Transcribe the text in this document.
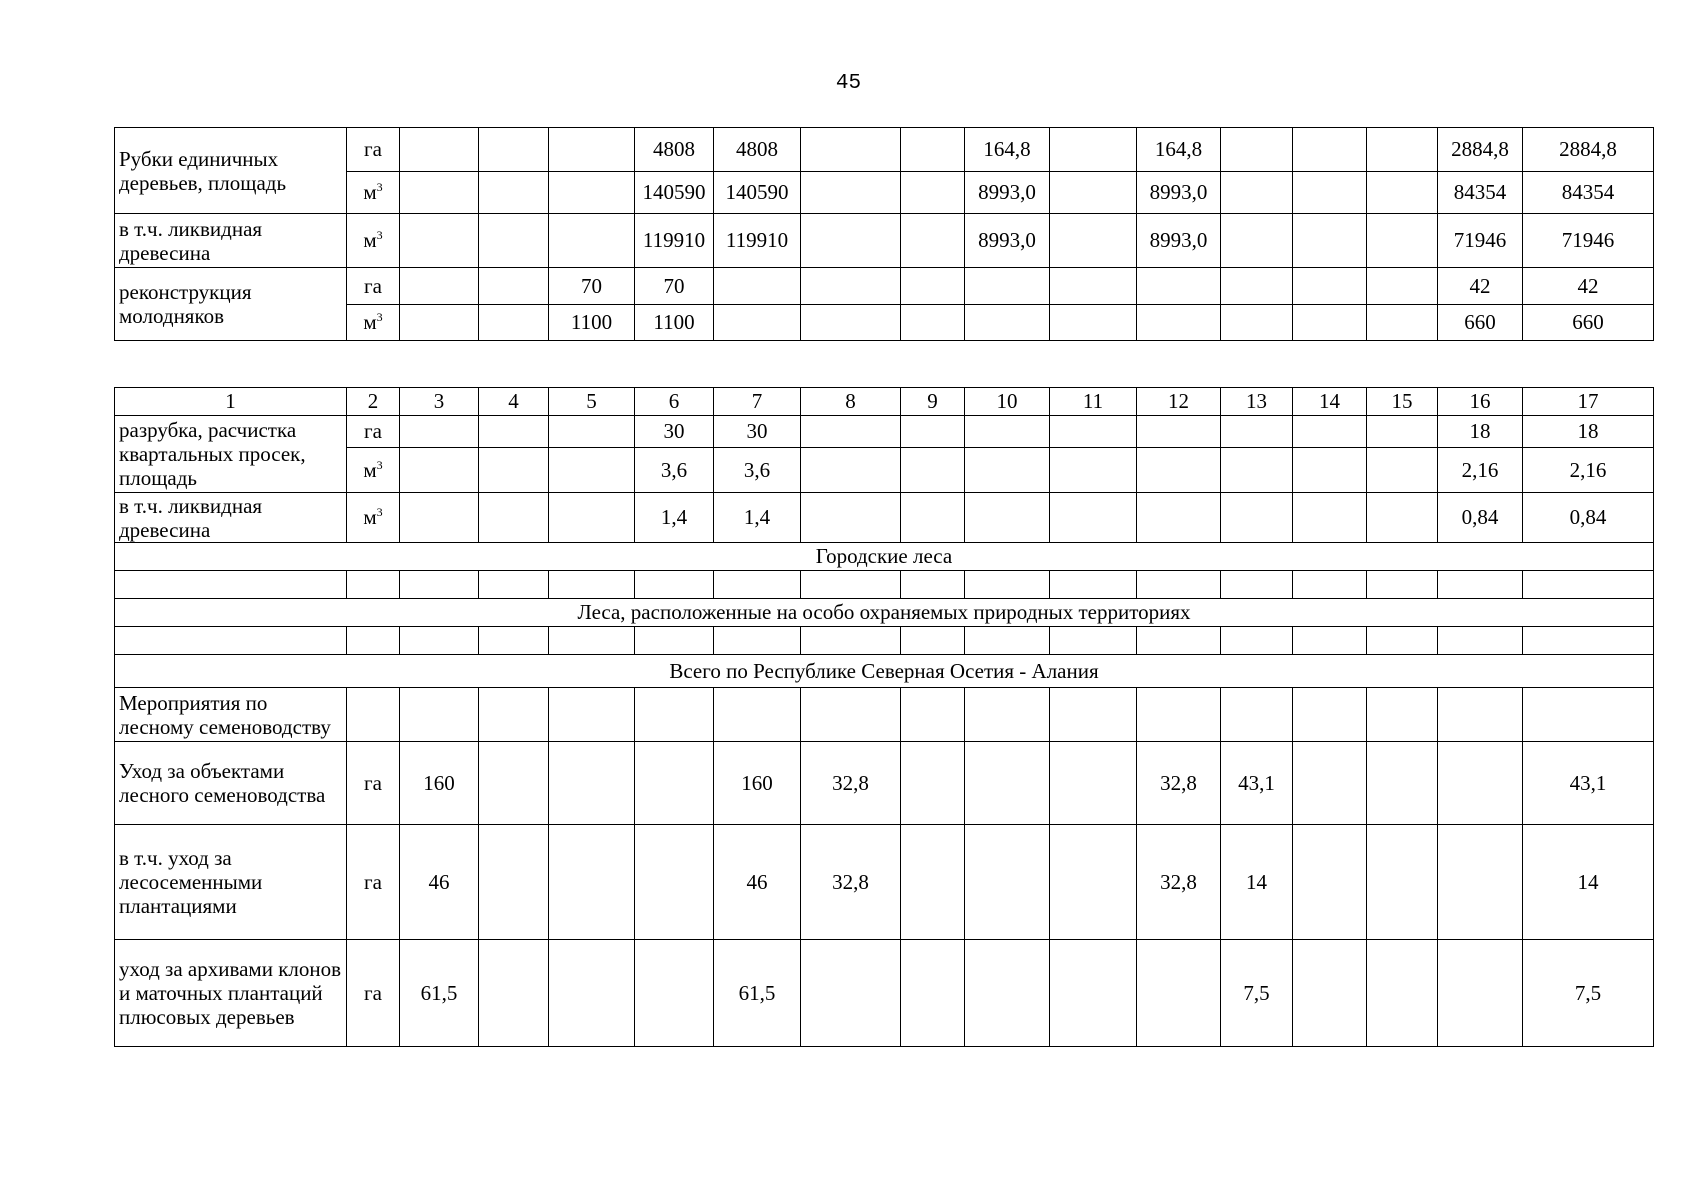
45
Рубки единичных деревьев, площадь	га				4808	4808			164,8		164,8				2884,8	2884,8
	$м^3$				140590	140590			8993,0		8993,0				84354	84354
в т.ч. ликвидная древесина	$м^3$				119910	119910			8993,0		8993,0				71946	71946
реконструкция молодняков	га			70	70										42	42
	$м^3$			1100	1100										660	660
1	2	3	4	5	6	7	8	9	10	11	12	13	14	15	16	17
разрубка, расчистка квартальных просек, площадь	га				30	30									18	18
	$м^3$				3,6	3,6									2,16	2,16
в т.ч. ликвидная древесина	$м^3$				1,4	1,4									0,84	0,84
Городские леса																

Леса, расположенные на особо охраняемых природных территориях																

Всего по Республике Северная Осетия - Алания																
Мероприятия по лесному семеноводству																
Уход за объектами лесного семеноводства	га	160				160	32,8				32,8	43,1				43,1
в т.ч. уход за лесосеменными плантациями	га	46				46	32,8				32,8	14				14
уход за архивами клонов и маточных плантаций плюсовых деревьев	га	61,5				61,5						7,5				7,5
